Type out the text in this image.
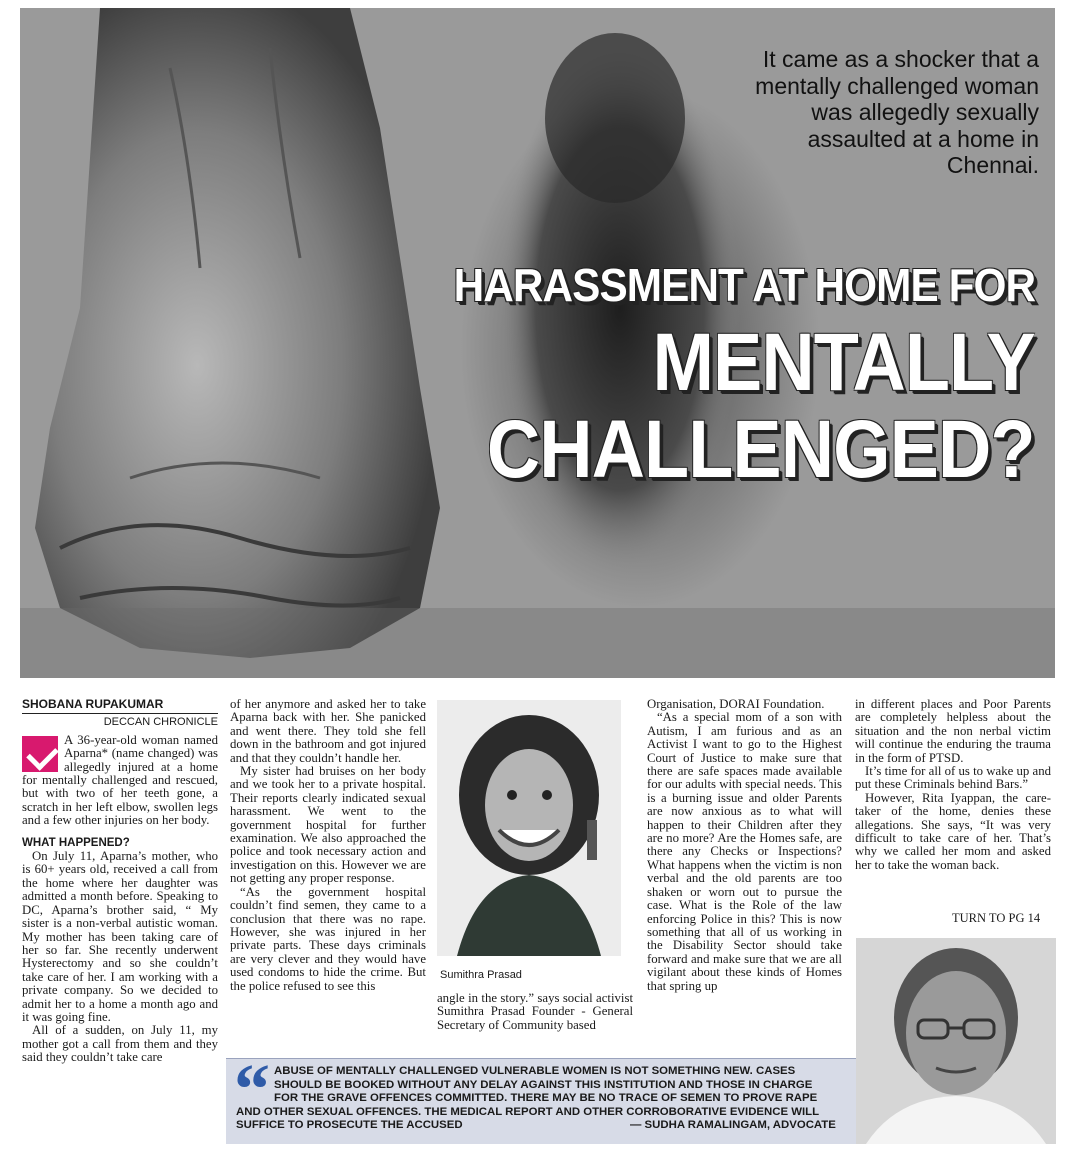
It came as a shocker that a mentally challenged woman was allegedly sexually assaulted at a home in Chennai.
HARASSMENT AT HOME FOR
MENTALLY
CHALLENGED?
SHOBANA RUPAKUMAR
DECCAN CHRONICLE

A 36-year-old woman named Aparna* (name changed) was allegedly injured at a home for mentally challenged and rescued, but with two of her teeth gone, a scratch in her left elbow, swollen legs and a few other injuries on her body.

WHAT HAPPENED?

On July 11, Aparna’s mother, who is 60+ years old, received a call from the home where her daughter was admitted a month before. Speaking to DC, Aparna’s brother said, “ My sister is a non-verbal autistic woman. My mother has been taking care of her so far. She recently underwent Hysterectomy and so she couldn’t take care of her. I am working with a private company. So we decided to admit her to a home a month ago and it was going fine.

All of a sudden, on July 11, my mother got a call from them and they said they couldn’t take care

of her anymore and asked her to take Aparna back with her. She panicked and went there. They told she fell down in the bathroom and got injured and that they couldn’t handle her.

My sister had bruises on her body and we took her to a private hospital. Their reports clearly indicated sexual harassment. We went to the government hospital for further examination. We also approached the police and took necessary action and investigation on this. However we are not getting any proper response.

“As the government hospital couldn’t find semen, they came to a conclusion that there was no rape. However, she was injured in her private parts. These days criminals are very clever and they would have used condoms to hide the crime. But the police refused to see this

Sumithra Prasad

angle in the story.” says social activist Sumithra Prasad Founder - General Secretary of Community based

Organisation, DORAI Foundation.

“As a special mom of a son with Autism, I am furious and as an Activist I want to go to the Highest Court of Justice to make sure that there are safe spaces made available for our adults with special needs. This is a burning issue and older Parents are now anxious as to what will happen to their Children after they are no more? Are the Homes safe, are there any Checks or Inspections? What happens when the victim is non verbal and the old parents are too shaken or worn out to pursue the case. What is the Role of the law enforcing Police in this? This is now something that all of us working in the Disability Sector should take forward and make sure that we are all vigilant about these kinds of Homes that spring up

in different places and Poor Parents are completely helpless about the situation and the non nerbal victim will continue the enduring the trauma in the form of PTSD.

It’s time for all of us to wake up and put these Criminals behind Bars.”

However, Rita Iyappan, the care-taker of the home, denies these allegations. She says, “It was very difficult to take care of her. That’s why we called her mom and asked her to take the woman back.

TURN TO PG 14
“ ABUSE OF MENTALLY CHALLENGED VULNERABLE WOMEN IS NOT SOMETHING NEW. CASES
SHOULD BE BOOKED WITHOUT ANY DELAY AGAINST THIS INSTITUTION AND THOSE IN CHARGE
FOR THE GRAVE OFFENCES COMMITTED. THERE MAY BE NO TRACE OF SEMEN TO PROVE RAPE
AND OTHER SEXUAL OFFENCES. THE MEDICAL REPORT AND OTHER CORROBORATIVE EVIDENCE WILL
SUFFICE TO PROSECUTE THE ACCUSED	— SUDHA RAMALINGAM, ADVOCATE
